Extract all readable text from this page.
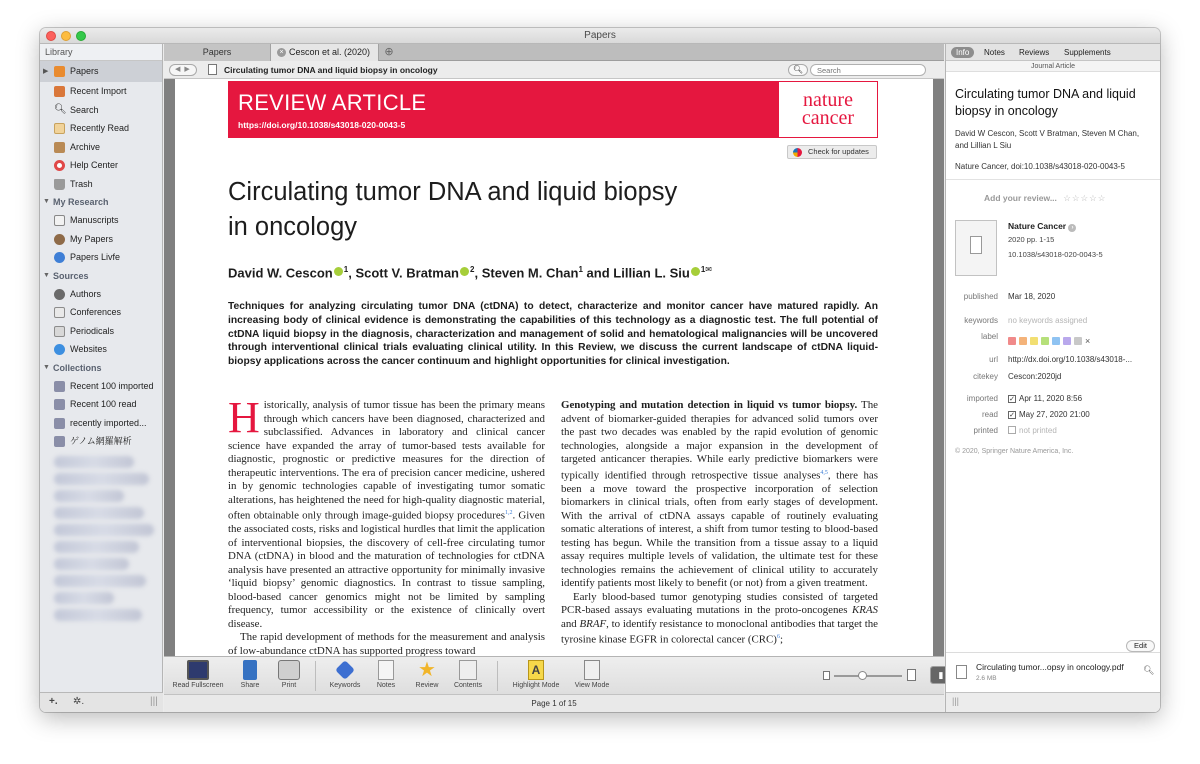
Papers
Library
▶ Papers
Recent Import
🔍︎ Search
Recently Read
Archive
Help Center
Trash
▼ My Research
Manuscripts
My Papers
Papers Livfe
▼ Sources
Authors
Conferences
Periodicals
Websites
▼ Collections
Recent 100 imported
Recent 100 read
recently imported...
ゲノム網羅解析
+. ✲.	|||
Papers	× Cescon et al. (2020)	⊕
◀▶	Circulating tumor DNA and liquid biopsy in oncology	🔍︎
Search
REVIEW ARTICLE
https://doi.org/10.1038/s43018-020-0043-5
nature
cancer
Check for updates
Circulating tumor DNA and liquid biopsy
in oncology
David W. Cescon $^1$, Scott V. Bratman $^2$, Steven M. Chan$^1$ and Lillian L. Siu $^{1✉}$
Techniques for analyzing circulating tumor DNA (ctDNA) to detect, characterize and monitor cancer have matured rapidly. An increasing body of clinical evidence is demonstrating the capabilities of this technology as a diagnostic test. The full potential of ctDNA liquid biopsy in the diagnosis, characterization and management of solid and hematological malignancies will be uncovered through interventional clinical trials evaluating clinical utility. In this Review, we discuss the current landscape of ctDNA liquid-biopsy applications across the cancer continuum and highlight opportunities for clinical investigation.
Historically, analysis of tumor tissue has been the primary means through which cancers have been diagnosed, characterized and subclassified. Advances in laboratory and clinical cancer science have expanded the array of tumor-based tests available for diagnostic, prognostic or predictive measures for the direction of therapeutic interventions. The era of precision cancer medicine, ushered in by genomic technologies capable of investigating tumor somatic alterations, has heightened the need for high-quality diagnostic material, often obtainable only through image-guided biopsy procedures$^{1,2}$. Given the associated costs, risks and logistical hurdles that limit the application of interventional biopsies, the discovery of cell-free circulating tumor DNA (ctDNA) in blood and the maturation of technologies for ctDNA analysis have presented an attractive opportunity for minimally invasive ‘liquid biopsy’ genomic diagnostics. In contrast to tissue sampling, blood-based cancer genomics might not be limited by sampling frequency, tumor accessibility or the existence of clinically overt disease.
The rapid development of methods for the measurement and analysis of low-abundance ctDNA has supported progress toward
Genotyping and mutation detection in liquid vs tumor biopsy. The advent of biomarker-guided therapies for advanced solid tumors over the past two decades was enabled by the rapid evolution of genomic technologies, alongside a major expansion in the development of targeted anticancer therapies. While early predictive biomarkers were typically identified through retrospective tissue analyses$^{4,5}$, there has been a move toward the prospective incorporation of selection biomarkers in clinical trials, often from early stages of development. With the arrival of ctDNA assays capable of routinely evaluating somatic alterations of interest, a shift from tumor testing to blood-based testing has begun. While the transition from a tissue assay to a liquid assay requires multiple levels of validation, the ultimate test for these technologies remains the achievement of clinical utility to accurately identify patients most likely to benefit (or not) from a given treatment.
Early blood-based tumor genotyping studies consisted of targeted PCR-based assays evaluating mutations in the proto-oncogenes KRAS and BRAF, to identify resistance to monoclonal antibodies that target the tyrosine kinase EGFR in colorectal cancer (CRC)$^6$;
Read Fullscreen	Share	Print	Keywords	Notes
★
Review	Contents
A
Highlight Mode	View Mode
▮
Page 1 of 15
Info	Notes Reviews Supplements
Journal Article
Circulating tumor DNA and liquid biopsy in oncology
David W Cescon, Scott V Bratman, Steven M Chan, and Lillian L Siu
Nature Cancer, doi:10.1038/s43018-020-0043-5
Add your review... ☆☆☆☆☆
Nature Cancer ›
2020 pp. 1-15
10.1038/s43018-020-0043-5
published Mar 18, 2020
keywords no keywords assigned
label	×
url http://dx.doi.org/10.1038/s43018-...
citekey Cescon:2020jd
imported ✓ Apr 11, 2020 8:56
read ✓ May 27, 2020 21:00
printed	not printed
© 2020, Springer Nature America, Inc.
Edit
Circulating tumor...opsy in oncology.pdf
2.6 MB
🔍︎
|||
